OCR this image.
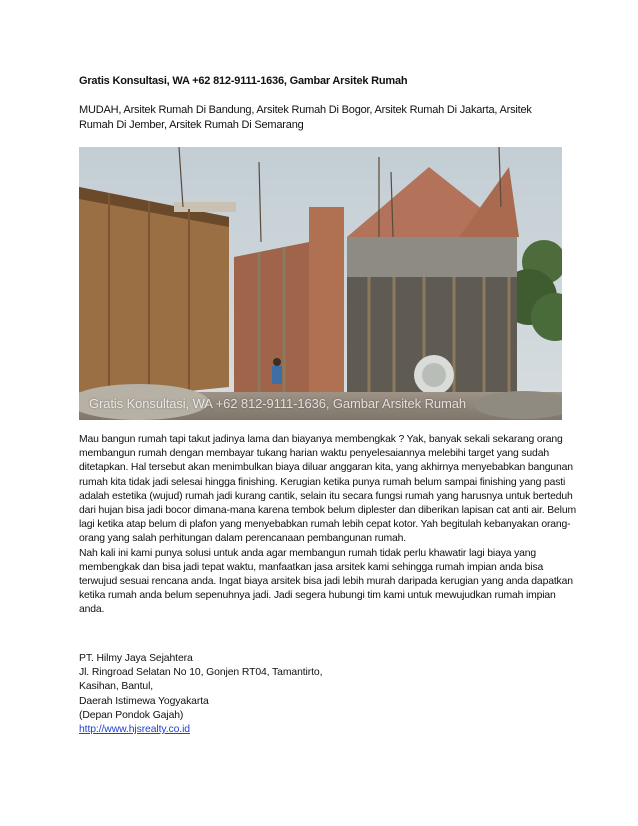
Gratis Konsultasi, WA +62 812-9111-1636, Gambar Arsitek Rumah
MUDAH, Arsitek Rumah Di Bandung, Arsitek Rumah Di Bogor, Arsitek Rumah Di Jakarta, Arsitek Rumah Di Jember, Arsitek Rumah Di Semarang
Gratis Konsultasi, WA +62 812-9111-1636, Gambar Arsitek Rumah

Mau bangun rumah tapi takut jadinya lama dan biayanya membengkak ? Yak, banyak sekali sekarang orang membangun rumah dengan membayar tukang harian waktu penyelesaiannya melebihi target yang sudah ditetapkan. Hal tersebut akan menimbulkan biaya diluar anggaran kita, yang akhirnya menyebabkan bangunan rumah kita tidak jadi selesai hingga finishing. Kerugian ketika punya rumah belum sampai finishing yang pasti adalah estetika (wujud) rumah jadi kurang cantik, selain itu secara fungsi rumah yang harusnya untuk berteduh dari hujan bisa jadi bocor dimana-mana karena tembok belum diplester dan diberikan lapisan cat anti air. Belum lagi ketika atap belum di plafon yang menyebabkan rumah lebih cepat kotor. Yah begitulah kebanyakan orang-orang yang salah perhitungan dalam perencanaan pembangunan rumah.

Nah kali ini kami punya solusi untuk anda agar membangun rumah tidak perlu khawatir lagi biaya yang membengkak dan bisa jadi tepat waktu, manfaatkan jasa arsitek kami sehingga rumah impian anda bisa terwujud sesuai rencana anda. Ingat biaya arsitek bisa jadi lebih murah daripada kerugian yang anda dapatkan ketika rumah anda belum sepenuhnya jadi. Jadi segera hubungi tim kami untuk mewujudkan rumah impian anda.

PT. Hilmy Jaya Sejahtera
Jl. Ringroad Selatan No 10, Gonjen RT04, Tamantirto,
Kasihan, Bantul,
Daerah Istimewa Yogyakarta
(Depan Pondok Gajah)
http://www.hjsrealty.co.id
